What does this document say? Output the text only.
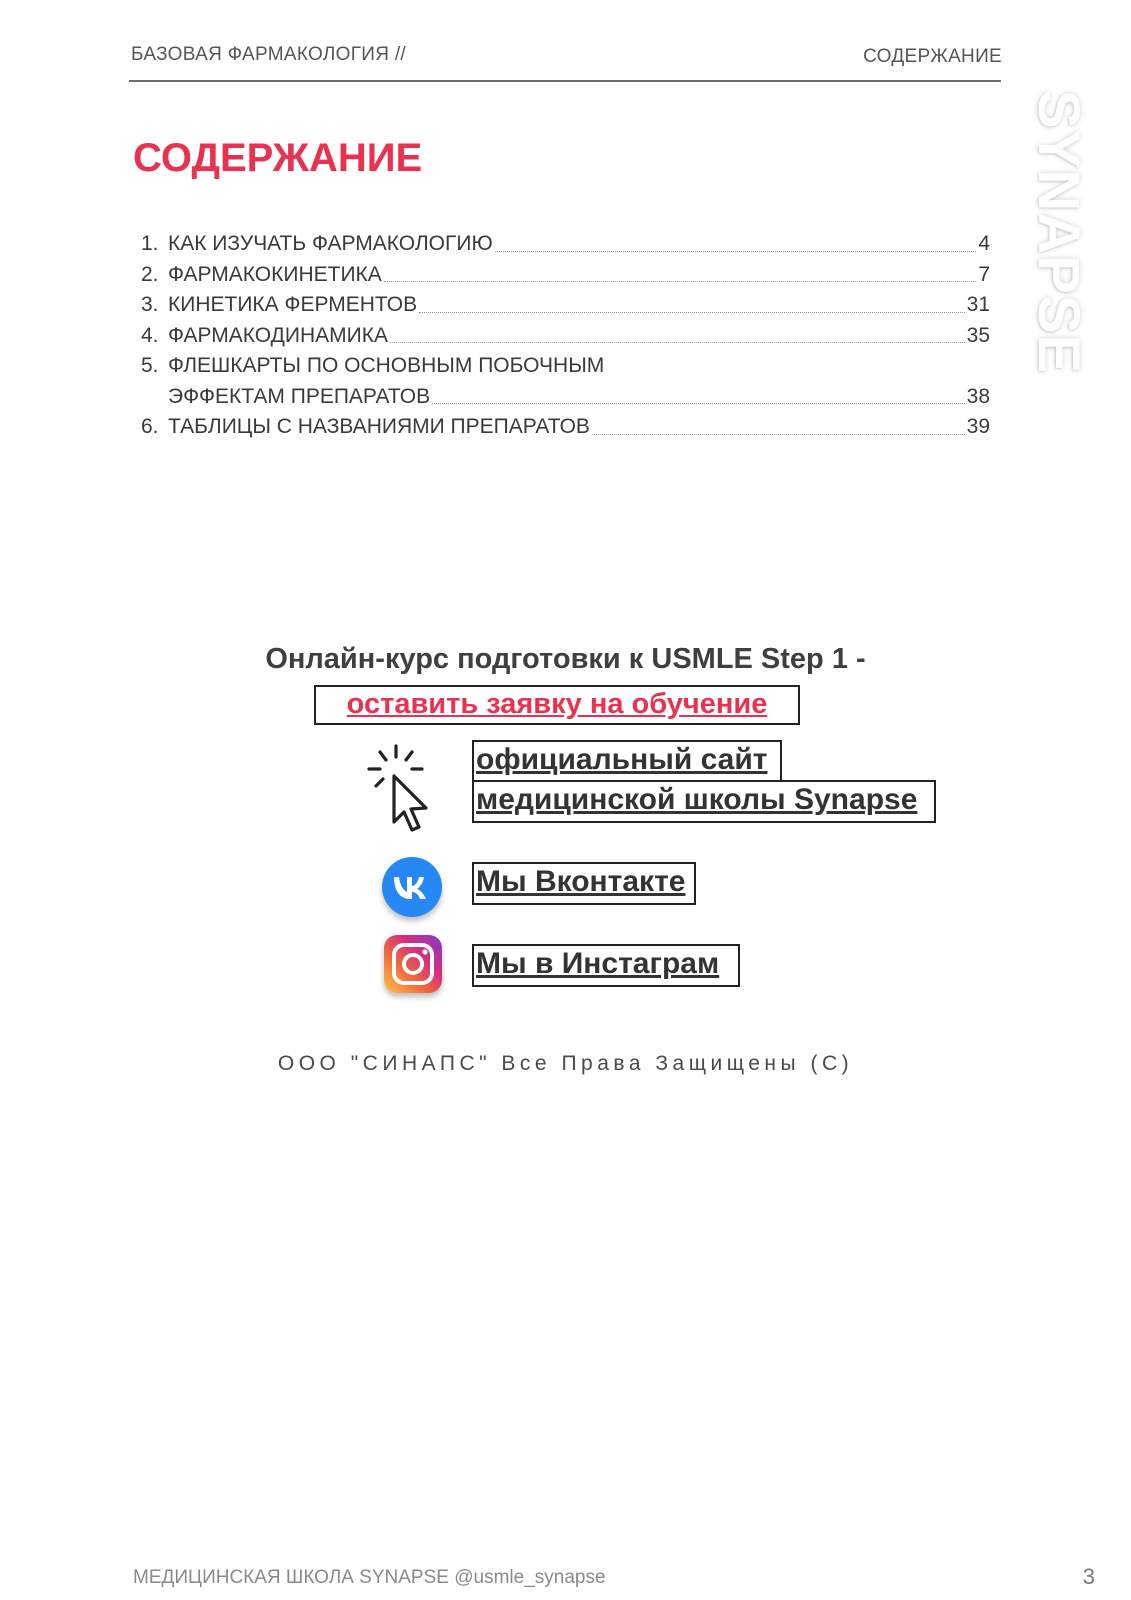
БАЗОВАЯ ФАРМАКОЛОГИЯ //	СОДЕРЖАНИЕ
SYNAPSE
СОДЕРЖАНИЕ
1. КАК ИЗУЧАТЬ ФАРМАКОЛОГИЮ	4
2. ФАРМАКОКИНЕТИКА	7
3. КИНЕТИКА ФЕРМЕНТОВ	31
4. ФАРМАКОДИНАМИКА	35
5. ФЛЕШКАРТЫ ПО ОСНОВНЫМ ПОБОЧНЫМ
ЭФФЕКТАМ ПРЕПАРАТОВ	38
6. ТАБЛИЦЫ С НАЗВАНИЯМИ ПРЕПАРАТОВ	39
Онлайн-курс подготовки к USMLE Step 1 -
оставить заявку на обучение
официальный сайт
медицинской школы Synapse
Мы Вконтакте
Мы в Инстаграм
ООО "СИНАПС" Все Права Защищены (С)
МЕДИЦИНСКАЯ ШКОЛА SYNAPSE @usmle_synapse	3
